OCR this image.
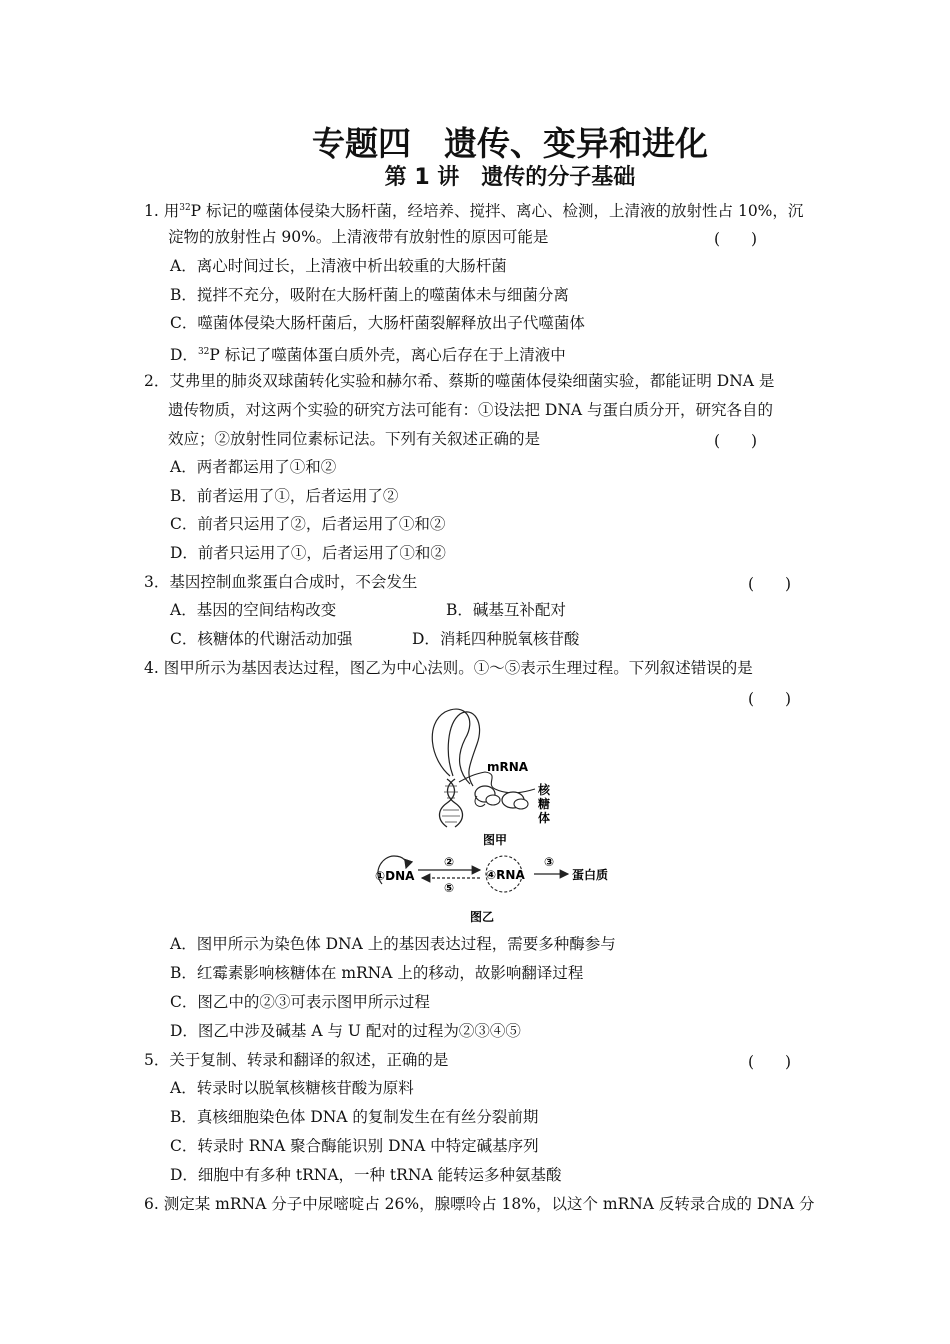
专题四　遗传、变异和进化
第 1 讲　遗传的分子基础
1. 用$^{32}$P 标记的噬菌体侵染大肠杆菌，经培养、搅拌、离心、检测，上清液的放射性占 10%，沉
淀物的放射性占 90%。上清液带有放射性的原因可能是	(　　)
A．离心时间过长，上清液中析出较重的大肠杆菌
B．搅拌不充分，吸附在大肠杆菌上的噬菌体未与细菌分离
C．噬菌体侵染大肠杆菌后，大肠杆菌裂解释放出子代噬菌体
D．$^{32}$P 标记了噬菌体蛋白质外壳，离心后存在于上清液中
2．艾弗里的肺炎双球菌转化实验和赫尔希、蔡斯的噬菌体侵染细菌实验，都能证明 DNA 是
遗传物质，对这两个实验的研究方法可能有：①设法把 DNA 与蛋白质分开，研究各自的
效应；②放射性同位素标记法。下列有关叙述正确的是	(　　)
A．两者都运用了①和②
B．前者运用了①，后者运用了②
C．前者只运用了②，后者运用了①和②
D．前者只运用了①，后者运用了①和②
3．基因控制血浆蛋白合成时，不会发生	(　　)
A．基因的空间结构改变	B．碱基互补配对
C．核糖体的代谢活动加强	D．消耗四种脱氧核苷酸
4. 图甲所示为基因表达过程，图乙为中心法则。①～⑤表示生理过程。下列叙述错误的是
(　　)
mRNA
核
糖
体
图甲
①DNA
②
⑤
④RNA
③
蛋白质
图乙
A．图甲所示为染色体 DNA 上的基因表达过程，需要多种酶参与
B．红霉素影响核糖体在 mRNA 上的移动，故影响翻译过程
C．图乙中的②③可表示图甲所示过程
D．图乙中涉及碱基 A 与 U 配对的过程为②③④⑤
5．关于复制、转录和翻译的叙述，正确的是	(　　)
A．转录时以脱氧核糖核苷酸为原料
B．真核细胞染色体 DNA 的复制发生在有丝分裂前期
C．转录时 RNA 聚合酶能识别 DNA 中特定碱基序列
D．细胞中有多种 tRNA，一种 tRNA 能转运多种氨基酸
6. 测定某 mRNA 分子中尿嘧啶占 26%，腺嘌呤占 18%，以这个 mRNA 反转录合成的 DNA 分
